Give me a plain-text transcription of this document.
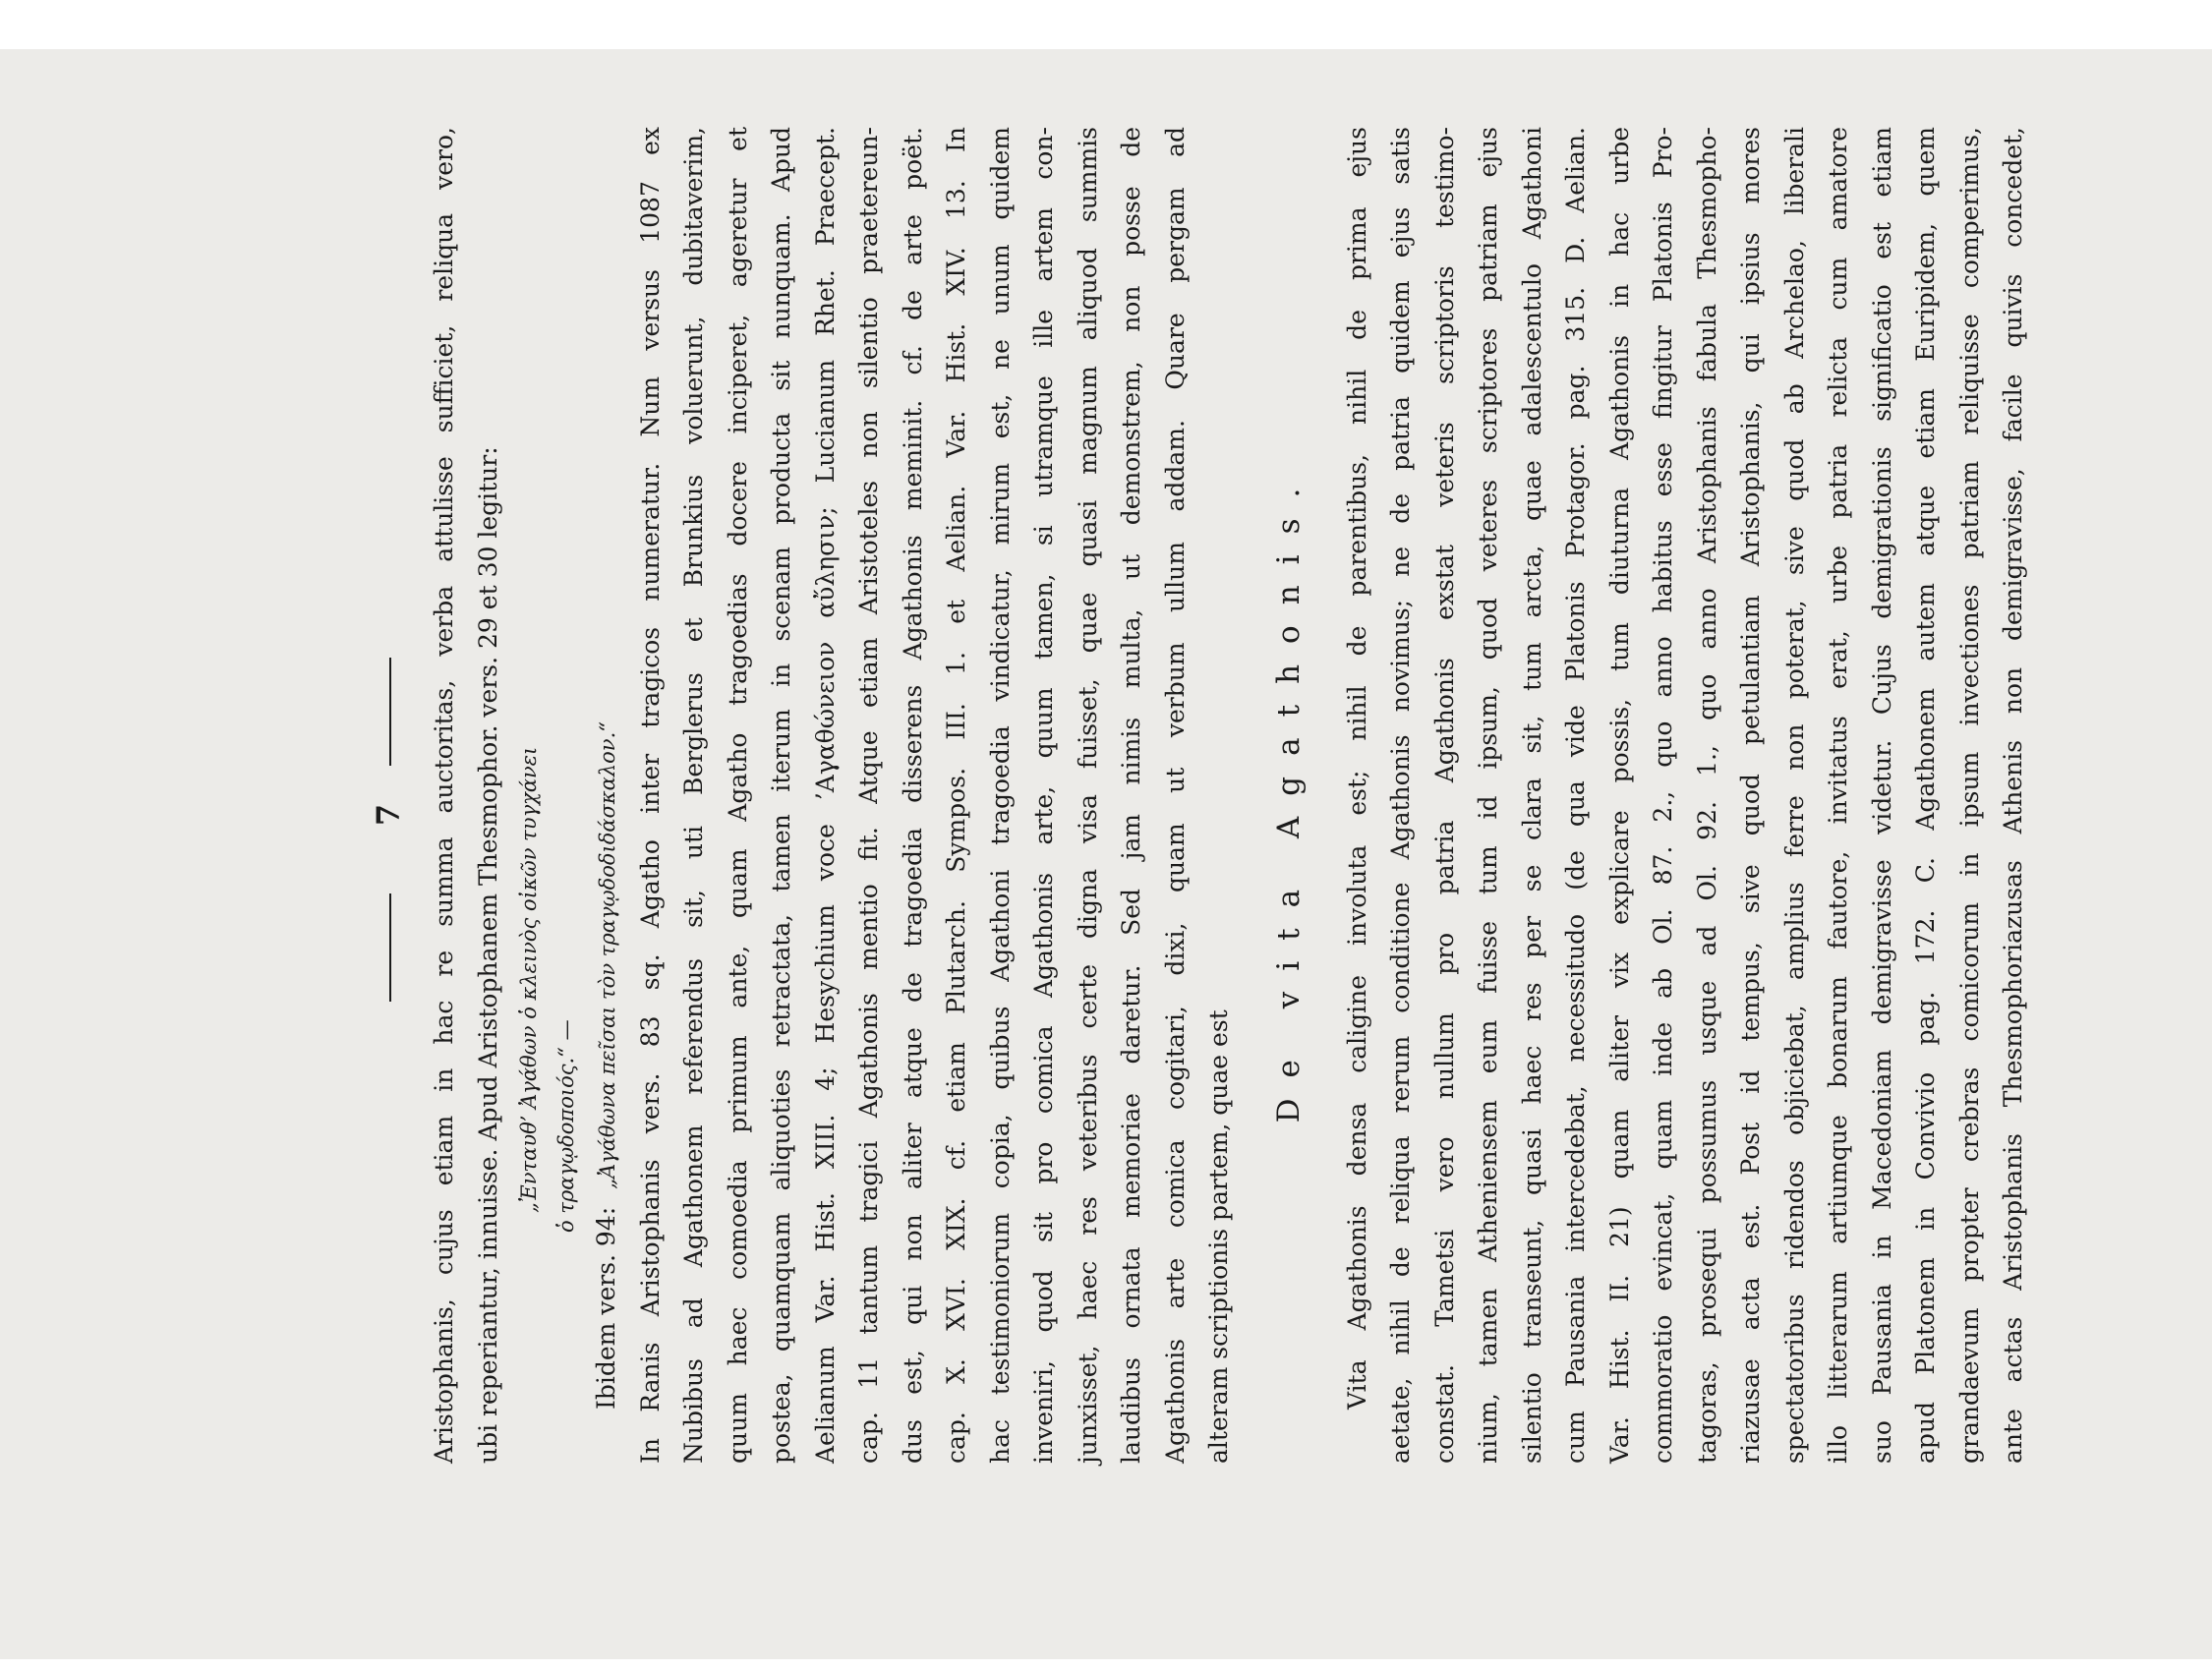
7 Aristophanis, cujus etiam in hac re summa auctoritas, verba attulisse sufficiet, reliqua vero, ubi reperiantur, innuisse. Apud Aristophanem Thesmophor. vers. 29 et 30 legitur: „Ἐνταυθ’ Ἀγάθων ὁ κλεινὸς οἰκῶν τυγχάνει ὁ τραγῳδοποιός.“ —
Ibidem vers. 94:„Ἀγάθωνα πεῖσαι τὸν τραγῳδοδιδάσκαλον.“ In Ranis Aristophanis vers. 83 sq. Agatho inter tragicos numeratur. Num versus 1087 ex Nubibus ad Agathonem referendus sit, uti Berglerus et Brunkius voluerunt, dubitaverim, quum haec comoedia primum ante, quam Agatho tragoedias docere inciperet, ageretur et postea, quamquam aliquoties retractata, tamen iterum in scenam producta sit nunquam. Apud Aelianum Var. Hist. XIII. 4; Hesychium voce ’Αγαθώνειον αὔλησιν; Lucianum Rhet. Praecept. cap. 11 tantum tragici Agathonis mentio fit. Atque etiam Aristoteles non silentio praetereun- dus est, qui non aliter atque de tragoedia disserens Agathonis meminit. cf. de arte poët. cap. X. XVI. XIX. cf. etiam Plutarch. Sympos. III. 1. et Aelian. Var. Hist. XIV. 13. In hac testimoniorum copia, quibus Agathoni tragoedia vindicatur, mirum est, ne unum quidem inveniri, quod sit pro comica Agathonis arte, quum tamen, si utramque ille artem con- junxisset, haec res veteribus certe digna visa fuisset, quae quasi magnum aliquod summis laudibus ornata memoriae daretur. Sed jam nimis multa, ut demonstrem, non posse de Agathonis arte comica cogitari, dixi, quam ut verbum ullum addam. Quare pergam ad alteram scriptionis partem, quae est
De vita Agathonis.	Vita Agathonis densa caligine involuta est; nihil de parentibus, nihil de prima ejus aetate, nihil de reliqua rerum conditione Agathonis novimus; ne de patria quidem ejus satis constat. Tametsi vero nullum pro patria Agathonis exstat veteris scriptoris testimo- nium, tamen Atheniensem eum fuisse tum id ipsum, quod veteres scriptores patriam ejus silentio transeunt, quasi haec res per se clara sit, tum arcta, quae adalescentulo Agathoni cum Pausania intercedebat, necessitudo (de qua vide Platonis Protagor. pag. 315. D. Aelian. Var. Hist. II. 21) quam aliter vix explicare possis, tum diuturna Agathonis in hac urbe commoratio evincat, quam inde ab Ol. 87. 2., quo anno habitus esse fingitur Platonis Pro- tagoras, prosequi possumus usque ad Ol. 92. 1., quo anno Aristophanis fabula Thesmopho- riazusae acta est. Post id tempus, sive quod petulantiam Aristophanis, qui ipsius mores spectatoribus ridendos objiciebat, amplius ferre non poterat, sive quod ab Archelao, liberali illo litterarum artiumque bonarum fautore, invitatus erat, urbe patria relicta cum amatore suo Pausania in Macedoniam demigravisse videtur. Cujus demigrationis significatio est etiam apud Platonem in Convivio pag. 172. C. Agathonem autem atque etiam Euripidem, quem grandaevum propter crebras comicorum in ipsum invectiones patriam reliquisse comperimus, ante actas Aristophanis Thesmophoriazusas Athenis non demigravisse, facile quivis concedet,
